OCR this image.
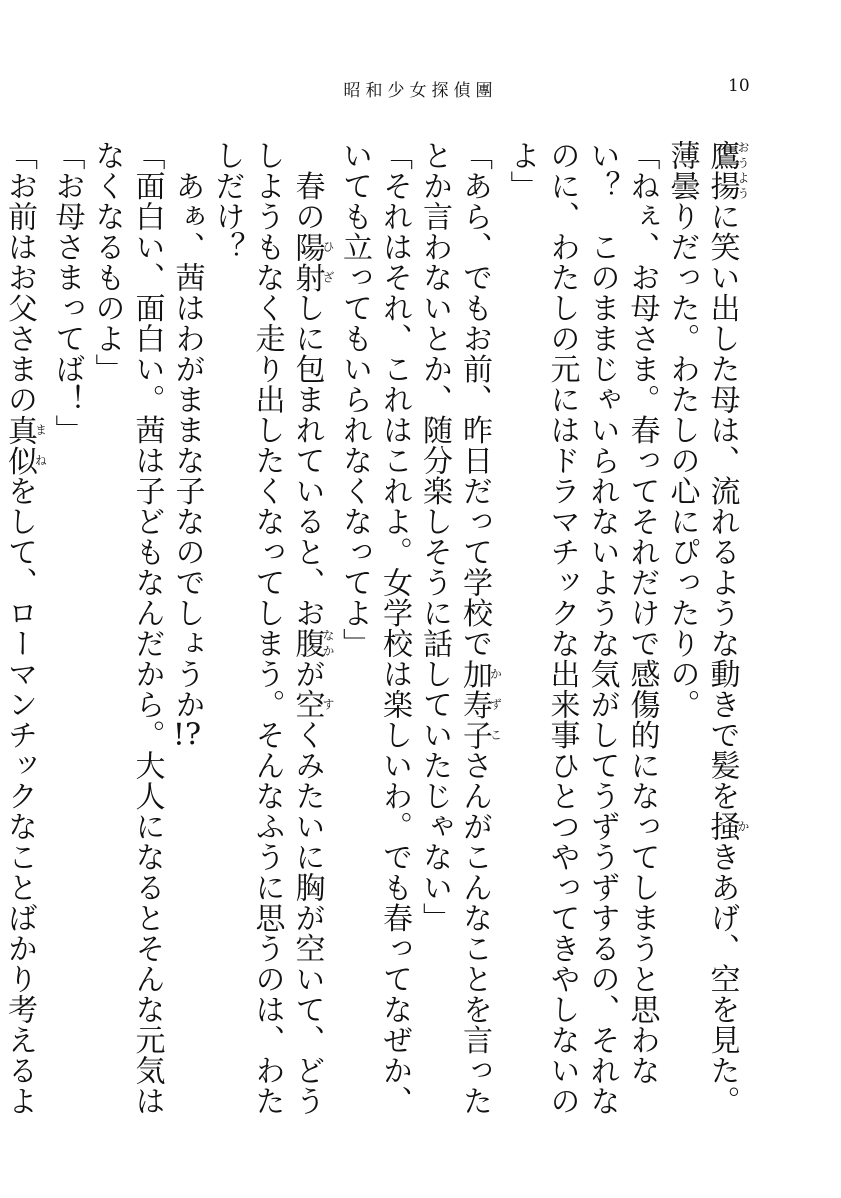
昭和少女探偵團	10

鷹揚おうように笑い出した母は、流れるような動きで髪を掻かきあげ、空を見た。

薄曇りだった。わたしの心にぴったりの。

「ねぇ、お母さま。春ってそれだけで感傷的になってしまうと思わない？　このままじゃいられないような気がしてうずうずするの、それなのに、わたしの元にはドラマチックな出来事ひとつやってきやしないのよ」

「あら、でもお前、昨日だって学校で加寿子かずこさんがこんなことを言ったとか言わないとか、随分楽しそうに話していたじゃない」

「それはそれ、これはこれよ。女学校は楽しいわ。でも春ってなぜか、いても立ってもいられなくなってよ」

　春の陽射ひざしに包まれていると、お腹なかが空すくみたいに胸が空いて、どうしようもなく走り出したくなってしまう。そんなふうに思うのは、わたしだけ？

　あぁ、茜はわがままな子なのでしょうか!?

「面白い、面白い。茜は子どもなんだから。大人になるとそんな元気はなくなるものよ」

「お母さまってば！」

「お前はお父さまの真似まねをして、ローマンチックなことばかり考えるよ
